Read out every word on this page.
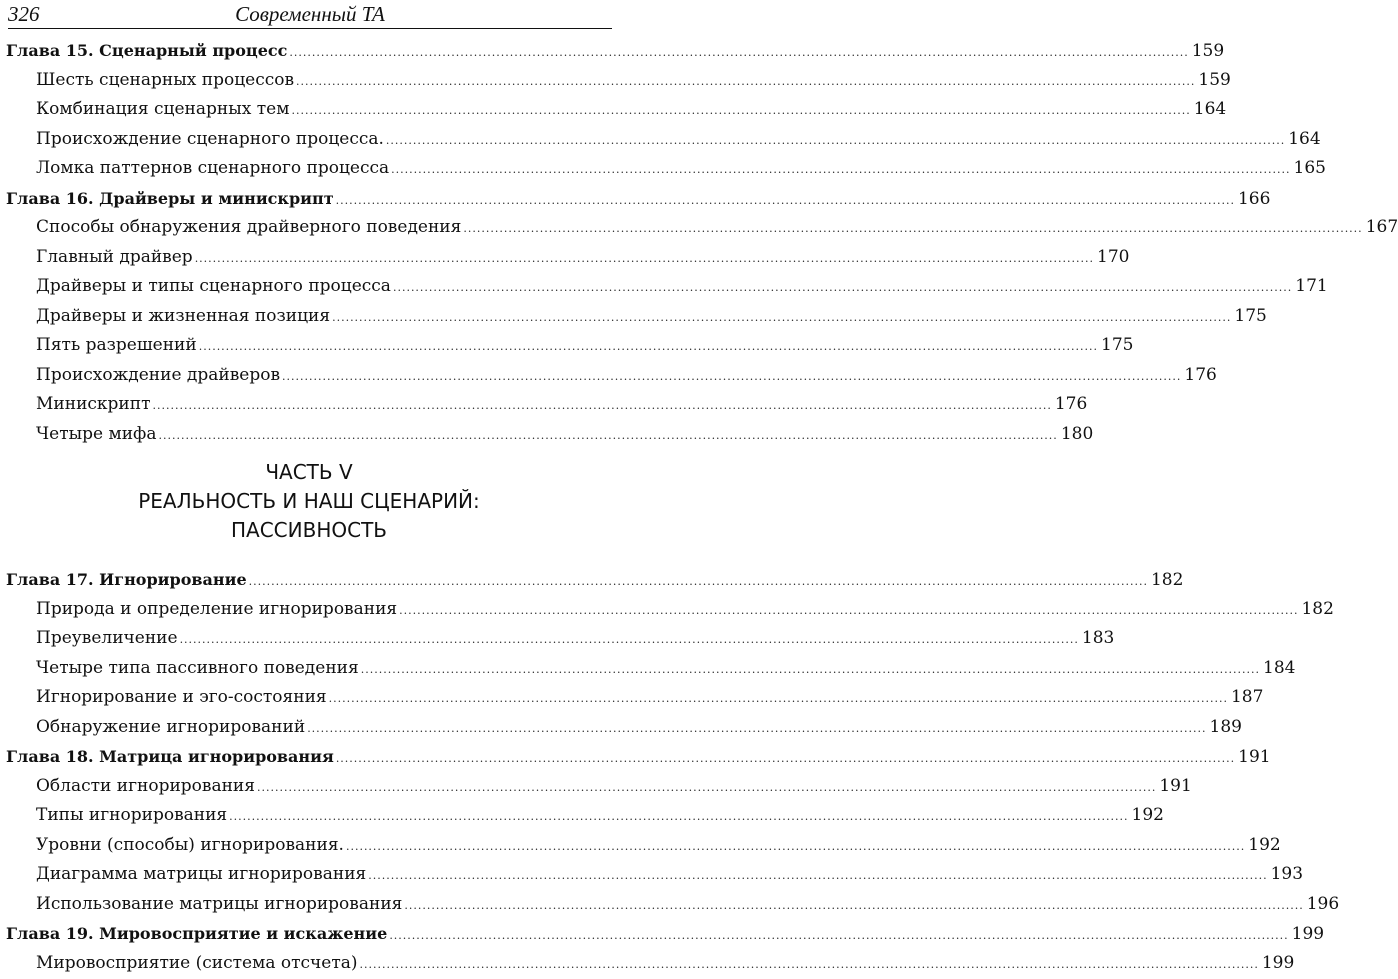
326	Современный ТА
Глава 15. Сценарный процесс ........................................................................................................................................................................................................ 159
Шесть сценарных процессов ........................................................................................................................................................................................................ 159
Комбинация сценарных тем ........................................................................................................................................................................................................ 164
Происхождение сценарного процесса. ........................................................................................................................................................................................................ 164
Ломка паттернов сценарного процесса ........................................................................................................................................................................................................ 165
Глава 16. Драйверы и минискрипт ........................................................................................................................................................................................................ 166
Способы обнаружения драйверного поведения ........................................................................................................................................................................................................ 167
Главный драйвер ........................................................................................................................................................................................................ 170
Драйверы и типы сценарного процесса ........................................................................................................................................................................................................ 171
Драйверы и жизненная позиция ........................................................................................................................................................................................................ 175
Пять разрешений ........................................................................................................................................................................................................ 175
Происхождение драйверов ........................................................................................................................................................................................................ 176
Минискрипт ........................................................................................................................................................................................................ 176
Четыре мифа ........................................................................................................................................................................................................ 180
ЧАСТЬ V
РЕАЛЬНОСТЬ И НАШ СЦЕНАРИЙ:
ПАССИВНОСТЬ
Глава 17. Игнорирование ........................................................................................................................................................................................................ 182
Природа и определение игнорирования ........................................................................................................................................................................................................ 182
Преувеличение ........................................................................................................................................................................................................ 183
Четыре типа пассивного поведения ........................................................................................................................................................................................................ 184
Игнорирование и эго-состояния ........................................................................................................................................................................................................ 187
Обнаружение игнорирований ........................................................................................................................................................................................................ 189
Глава 18. Матрица игнорирования ........................................................................................................................................................................................................ 191
Области игнорирования ........................................................................................................................................................................................................ 191
Типы игнорирования ........................................................................................................................................................................................................ 192
Уровни (способы) игнорирования. ........................................................................................................................................................................................................ 192
Диаграмма матрицы игнорирования ........................................................................................................................................................................................................ 193
Использование матрицы игнорирования ........................................................................................................................................................................................................ 196
Глава 19. Мировосприятие и искажение ........................................................................................................................................................................................................ 199
Мировосприятие (система отсчета) ........................................................................................................................................................................................................ 199
